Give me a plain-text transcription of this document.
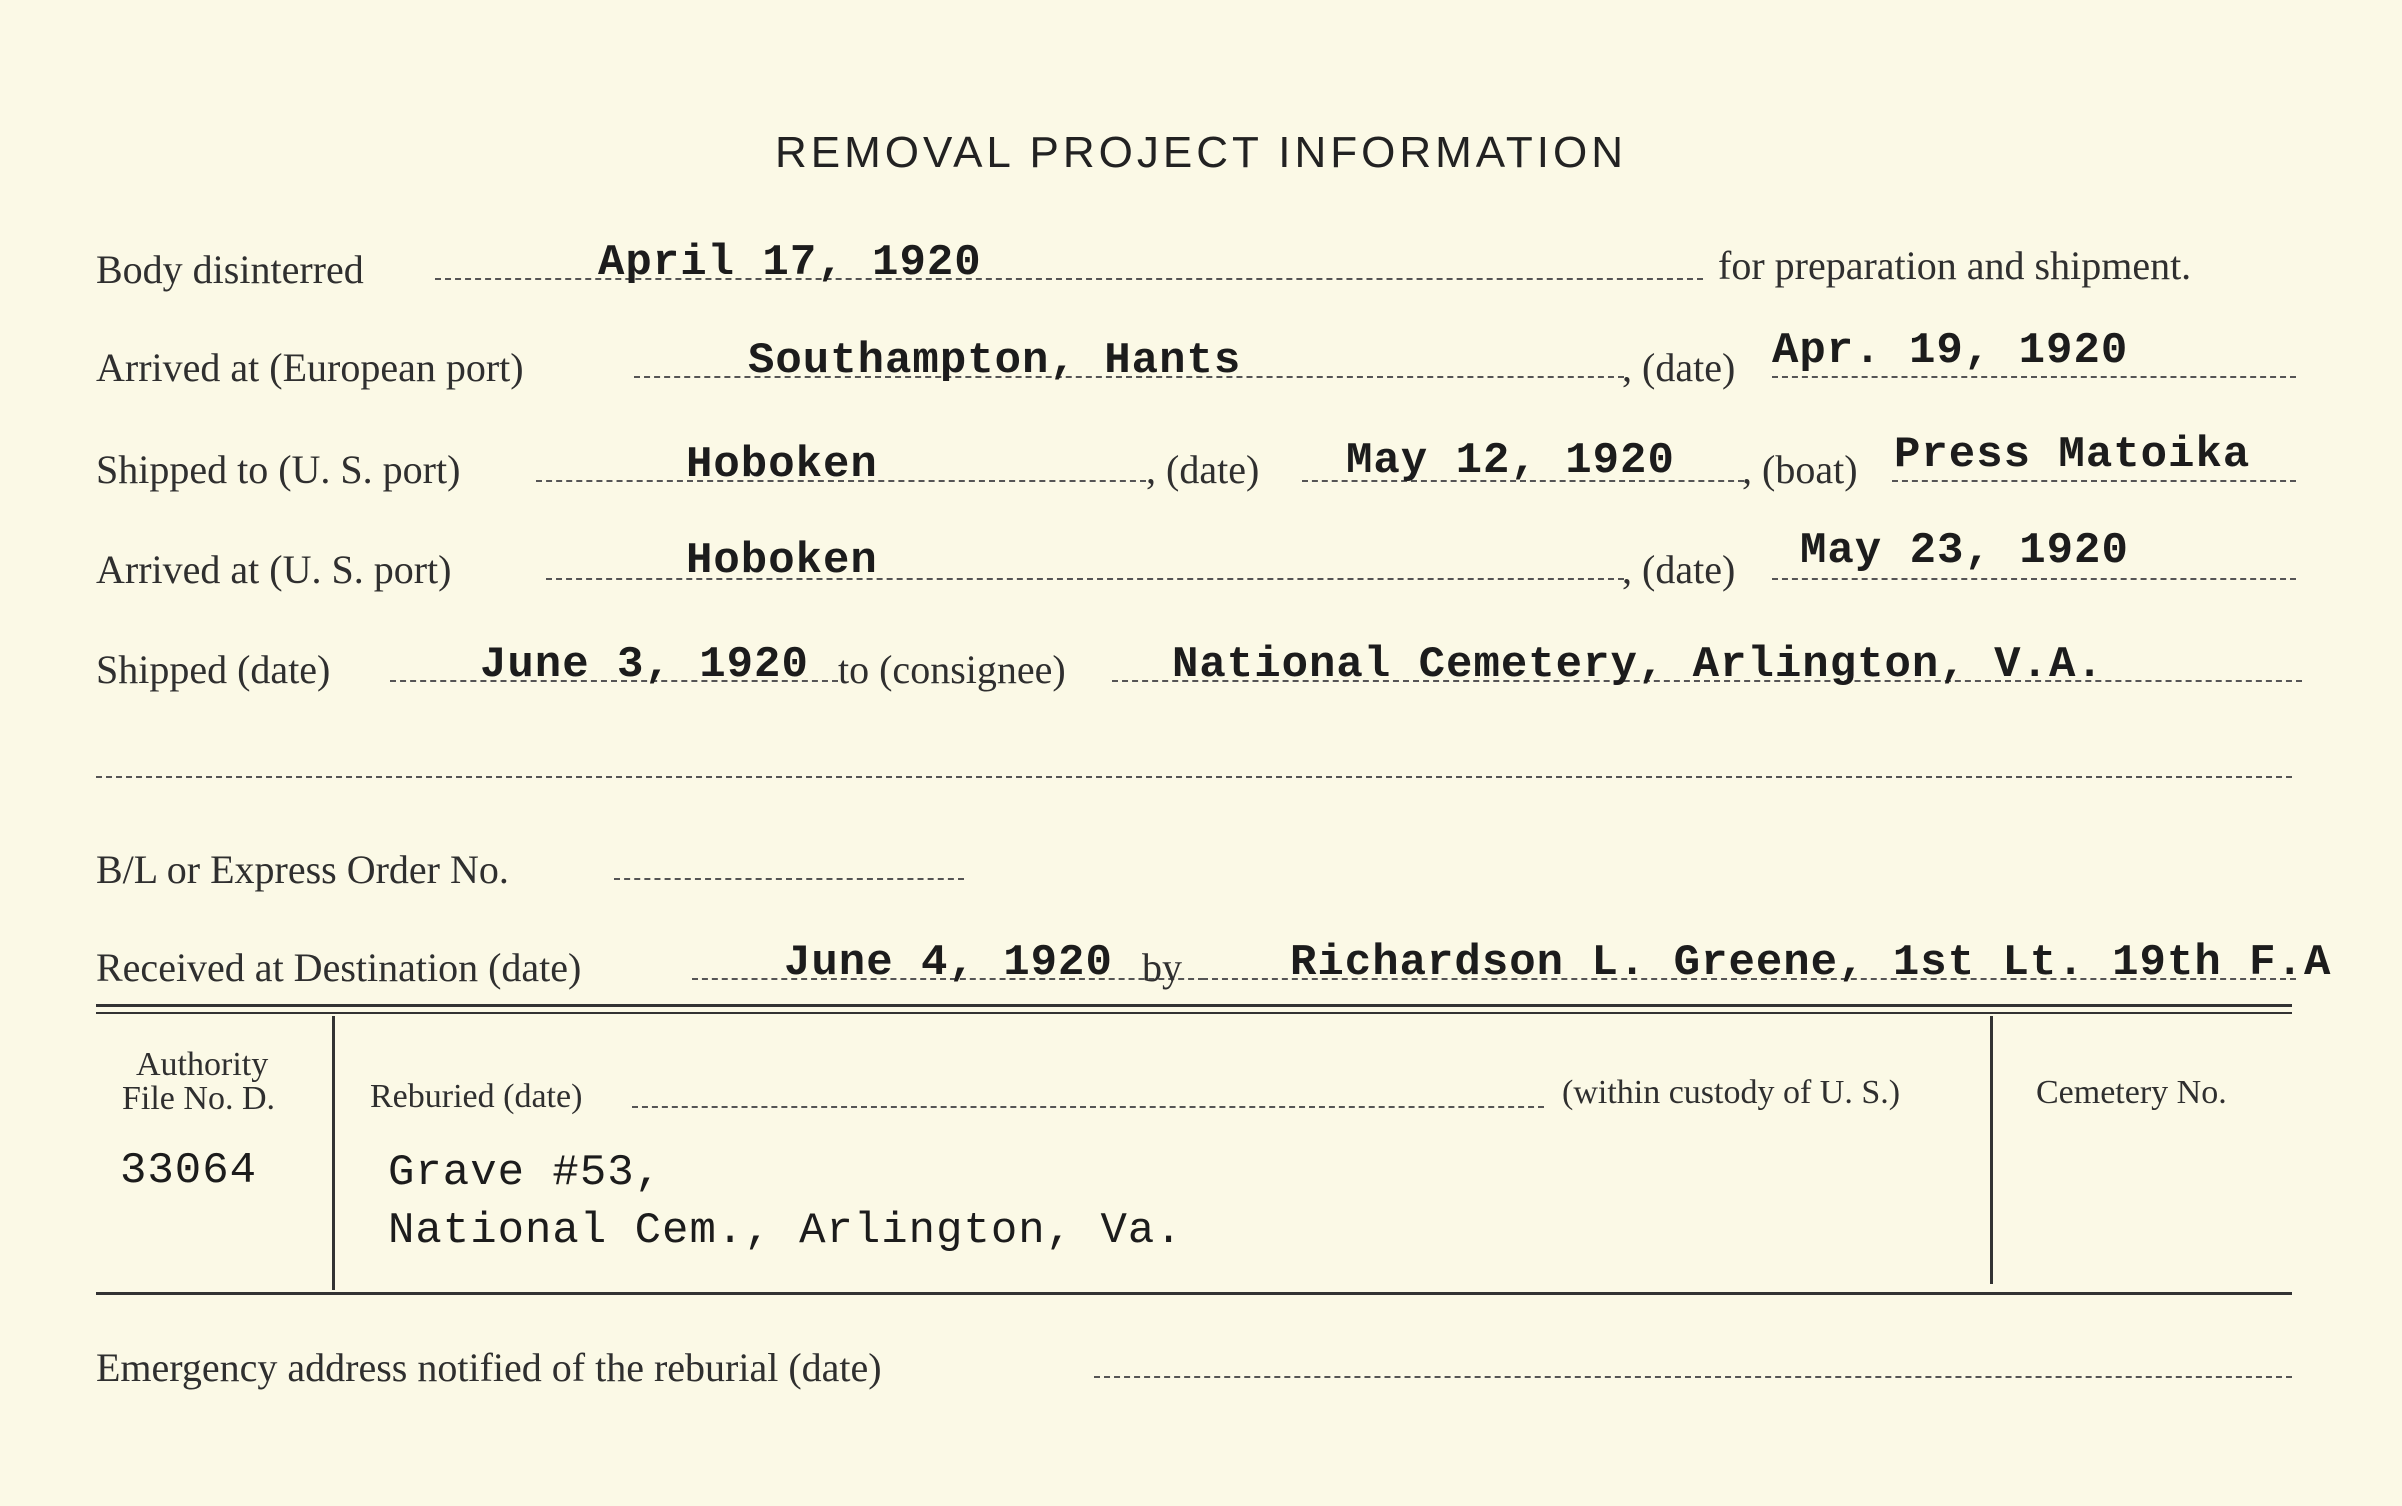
REMOVAL PROJECT INFORMATION
Body disinterred	April 17, 1920	for preparation and shipment.
Arrived at (European port)	Southampton, Hants	, (date) Apr. 19, 1920
Shipped to (U. S. port)	Hoboken	, (date) May 12, 1920 , (boat) Press Matoika
Arrived at (U. S. port)	Hoboken	, (date) May 23, 1920
Shipped (date)	June 3, 1920 to (consignee) National Cemetery, Arlington, V.A.
B/L or Express Order No.
Received at Destination (date)	June 4, 1920 by Richardson L. Greene, 1st Lt. 19th F.A
Authority
File No. D.
33064
Reburied (date)	(within custody of U. S.)
Grave #53,
National Cem., Arlington, Va.
Cemetery No.
Emergency address notified of the reburial (date)
